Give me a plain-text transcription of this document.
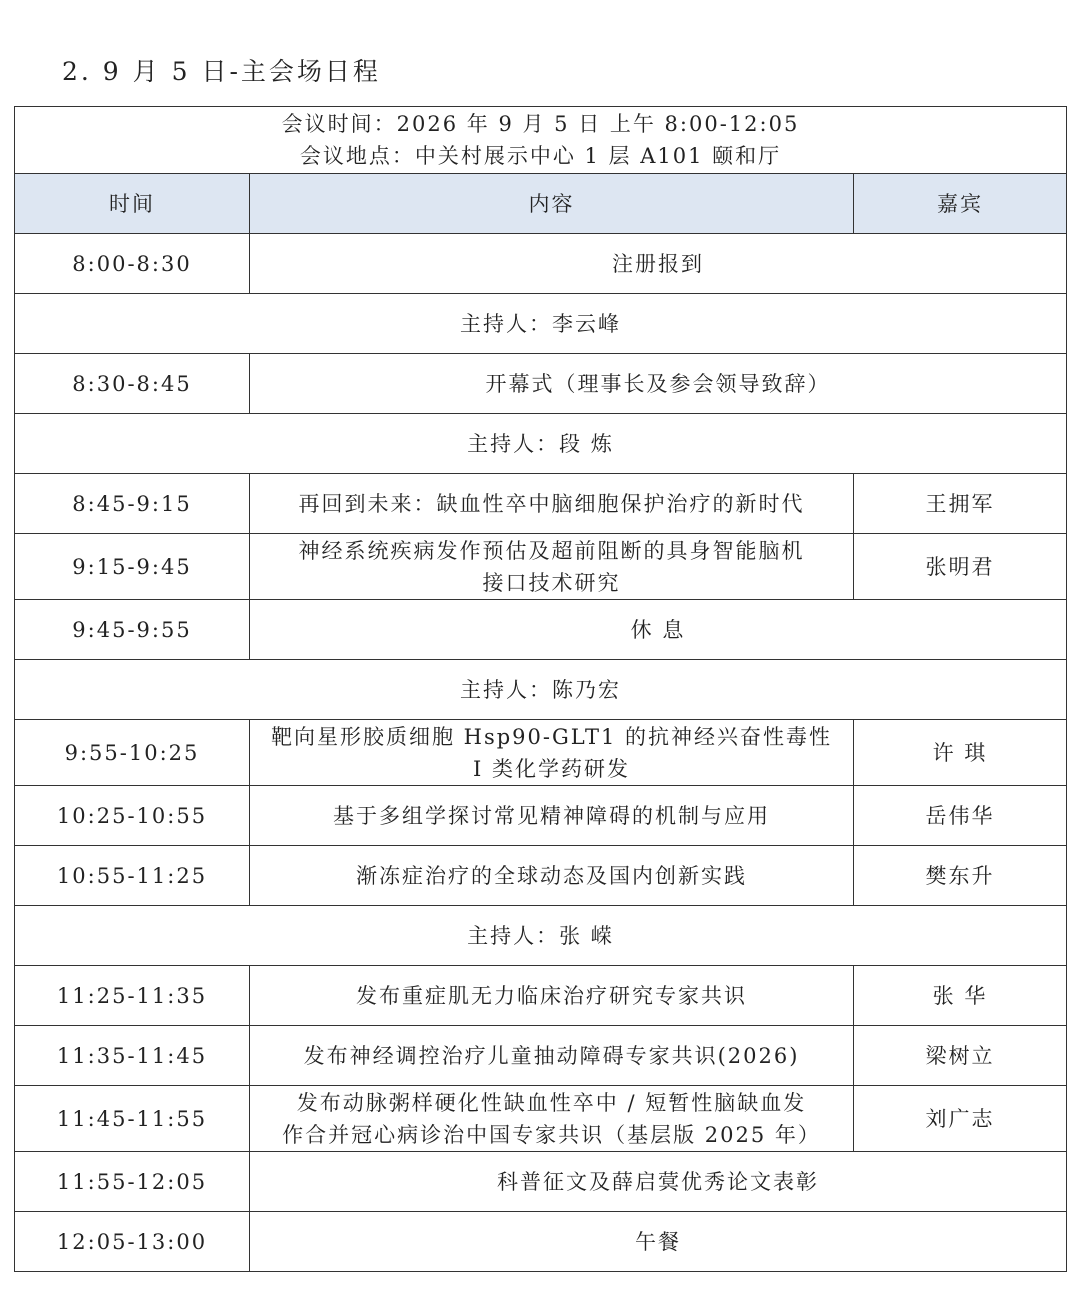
2. 9 月 5 日-主会场日程
会议时间：2026 年 9 月 5 日 上午 8:00-12:05
会议地点：中关村展示中心 1 层 A101 颐和厅		

时间	内容	嘉宾
8:00-8:30	注册报到	
主持人：李云峰		
8:30-8:45	开幕式（理事长及参会领导致辞）	
主持人：段 炼		
8:45-9:15	再回到未来：缺血性卒中脑细胞保护治疗的新时代	王拥军
9:15-9:45	神经系统疾病发作预估及超前阻断的具身智能脑机
接口技术研究	张明君
9:45-9:55	休 息	
主持人：陈乃宏		
9:55-10:25	靶向星形胶质细胞 Hsp90-GLT1 的抗神经兴奋性毒性
I 类化学药研发	许 琪
10:25-10:55	基于多组学探讨常见精神障碍的机制与应用	岳伟华
10:55-11:25	渐冻症治疗的全球动态及国内创新实践	樊东升
主持人：张 嵘		
11:25-11:35	发布重症肌无力临床治疗研究专家共识	张 华
11:35-11:45	发布神经调控治疗儿童抽动障碍专家共识(2026)	梁树立
11:45-11:55	发布动脉粥样硬化性缺血性卒中 / 短暂性脑缺血发
作合并冠心病诊治中国专家共识（基层版 2025 年）	刘广志
11:55-12:05	科普征文及薛启蓂优秀论文表彰	
12:05-13:00	午餐	
